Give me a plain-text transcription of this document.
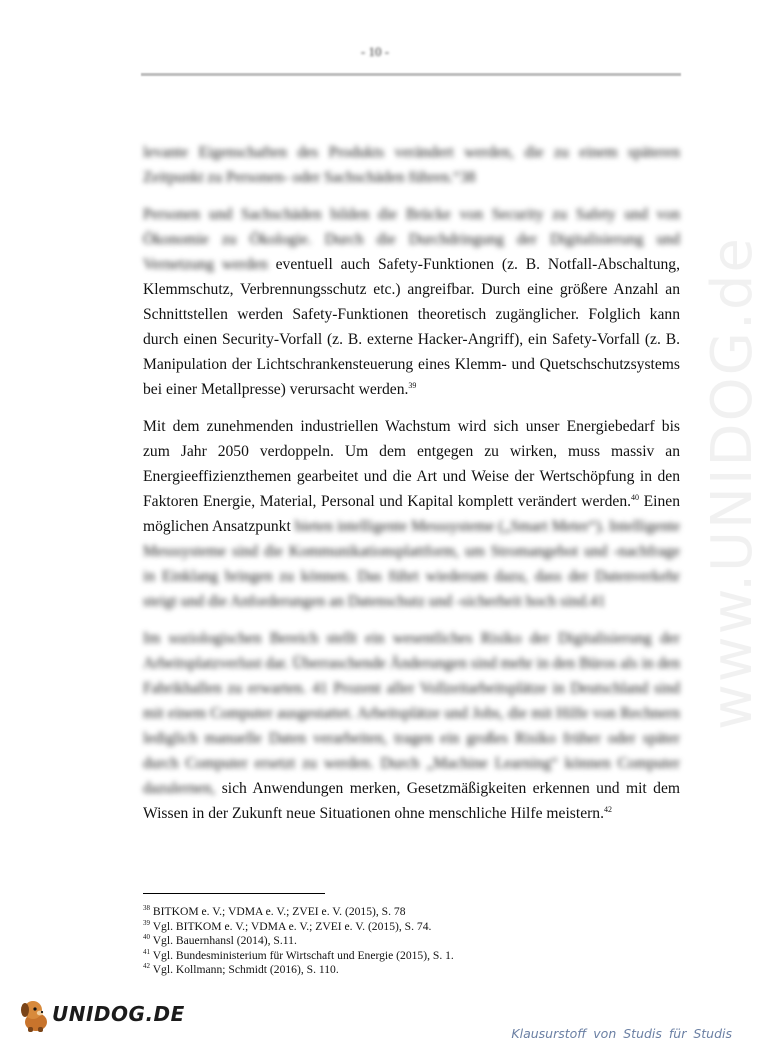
- 10 -
www.UNIDOG.de

levante Eigenschaften des Produkts verändert werden, die zu einem späteren Zeitpunkt zu Personen- oder Sachschäden führen.“38

Personen und Sachschäden bilden die Brücke von Security zu Safety und von Ökonomie zu Ökologie. Durch die Durchdringung der Digitalisierung und Vernetzung werden eventuell auch Safety-Funktionen (z. B. Notfall-Abschaltung, Klemmschutz, Verbrennungsschutz etc.) angreifbar. Durch eine größere Anzahl an Schnittstellen werden Safety-Funktionen theoretisch zugänglicher. Folglich kann durch einen Security-Vorfall (z. B. externe Hacker-Angriff), ein Safety-Vorfall (z. B. Manipulation der Lichtschrankensteuerung eines Klemm- und Quetschschutzsystems bei einer Metallpresse) verursacht werden.$^{39}$

Mit dem zunehmenden industriellen Wachstum wird sich unser Energiebedarf bis zum Jahr 2050 verdoppeln. Um dem entgegen zu wirken, muss massiv an Energieeffizienzthemen gearbeitet und die Art und Weise der Wertschöpfung in den Faktoren Energie, Material, Personal und Kapital komplett verändert werden.$^{40}$ Einen möglichen Ansatzpunkt bieten intelligente Messsysteme („Smart Meter“). Intelligente Messsysteme sind die Kommunikationsplattform, um Stromangebot und -nachfrage in Einklang bringen zu können. Das führt wiederum dazu, dass der Datenverkehr steigt und die Anforderungen an Datenschutz und -sicherheit hoch sind.41

Im soziologischen Bereich stellt ein wesentliches Risiko der Digitalisierung der Arbeitsplatzverlust dar. Überraschende Änderungen sind mehr in den Büros als in den Fabrikhallen zu erwarten. 41 Prozent aller Vollzeitarbeitsplätze in Deutschland sind mit einem Computer ausgestattet. Arbeitsplätze und Jobs, die mit Hilfe von Rechnern lediglich manuelle Daten verarbeiten, tragen ein großes Risiko früher oder später durch Computer ersetzt zu werden. Durch „Machine Learning“ können Computer dazulernen, sich Anwendungen merken, Gesetzmäßigkeiten erkennen und mit dem Wissen in der Zukunft neue Situationen ohne menschliche Hilfe meistern.$^{42}$

$^{38}$ BITKOM e. V.; VDMA e. V.; ZVEI e. V. (2015), S. 78
$^{39}$ Vgl. BITKOM e. V.; VDMA e. V.; ZVEI e. V. (2015), S. 74.
$^{40}$ Vgl. Bauernhansl (2014), S.11.
$^{41}$ Vgl. Bundesministerium für Wirtschaft und Energie (2015), S. 1.
$^{42}$ Vgl. Kollmann; Schmidt (2016), S. 110.
UNIDOG.DE
Klausurstoff von Studis für Studis
